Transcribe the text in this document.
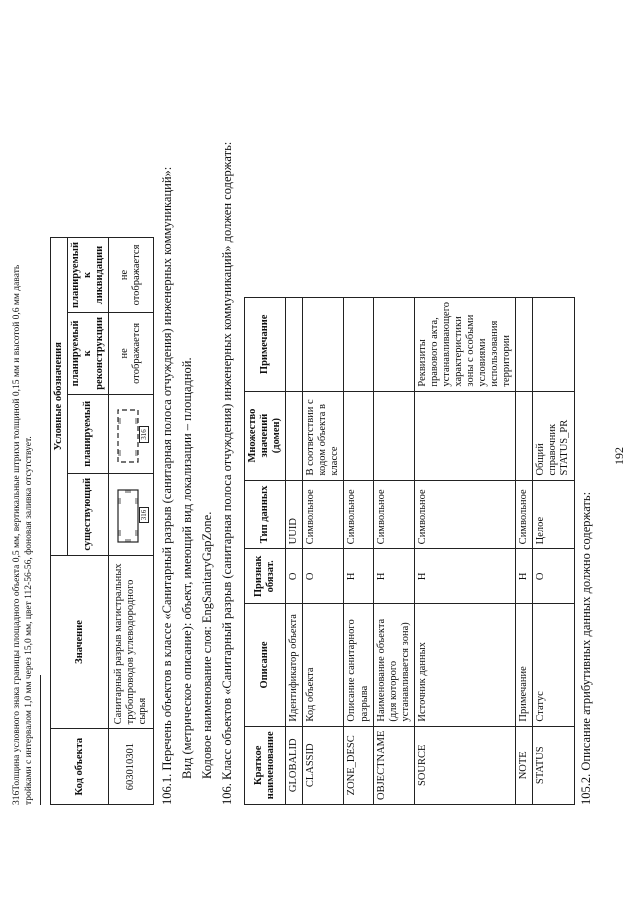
192
105.2. Описание атрибутивных данных должно содержать:
Краткое наименование	Описание	Признак обязат.	Тип данных	Множество значений (домен)	Примечание
GLOBALID	Идентификатор объекта	О	UUID		
CLASSID	Код объекта	О	Символьное	В соответствии с кодом объекта в классе	
ZONE_DESC	Описание санитарного разрыва	Н	Символьное		
OBJECTNAME	Наименование объекта (для которого устанавливается зона)	Н	Символьное		
SOURCE	Источник данных	Н	Символьное		Реквизиты правового акта, устанавливающего характеристики зоны с особыми условиями использования территории
NOTE	Примечание	Н	Символьное		
STATUS	Статус	О	Целое	Общий справочник STATUS_PR	
106. Класс объектов «Санитарный разрыв (санитарная полоса отчуждения) инженерных коммуникаций» должен содержать:
Кодовое наименование слоя: EngSanitaryGapZone.
Вид (метрическое описание): объект, имеющий вид локализации – площадной.
106.1. Перечень объектов в классе «Санитарный разрыв (санитарная полоса отчуждения) инженерных коммуникаций»:
Код объекта	Значение	Условные обозначения			
		существующий	планируемый	планируемый к реконструкции	планируемый к ликвидации
603010301	Санитарный разрыв магистральных трубопроводов углеводородного сырья	316	316	не отображается	не отображается
316Толщина условного знака границы площадного объекта 0,5 мм, вертикальные штрихи толщиной 0,15 мм и высотой 0,6 мм давать тройками с интервалом 1,0 мм через 15,0 мм, цвет 112-56-56, фоновая заливка отсутствует.
